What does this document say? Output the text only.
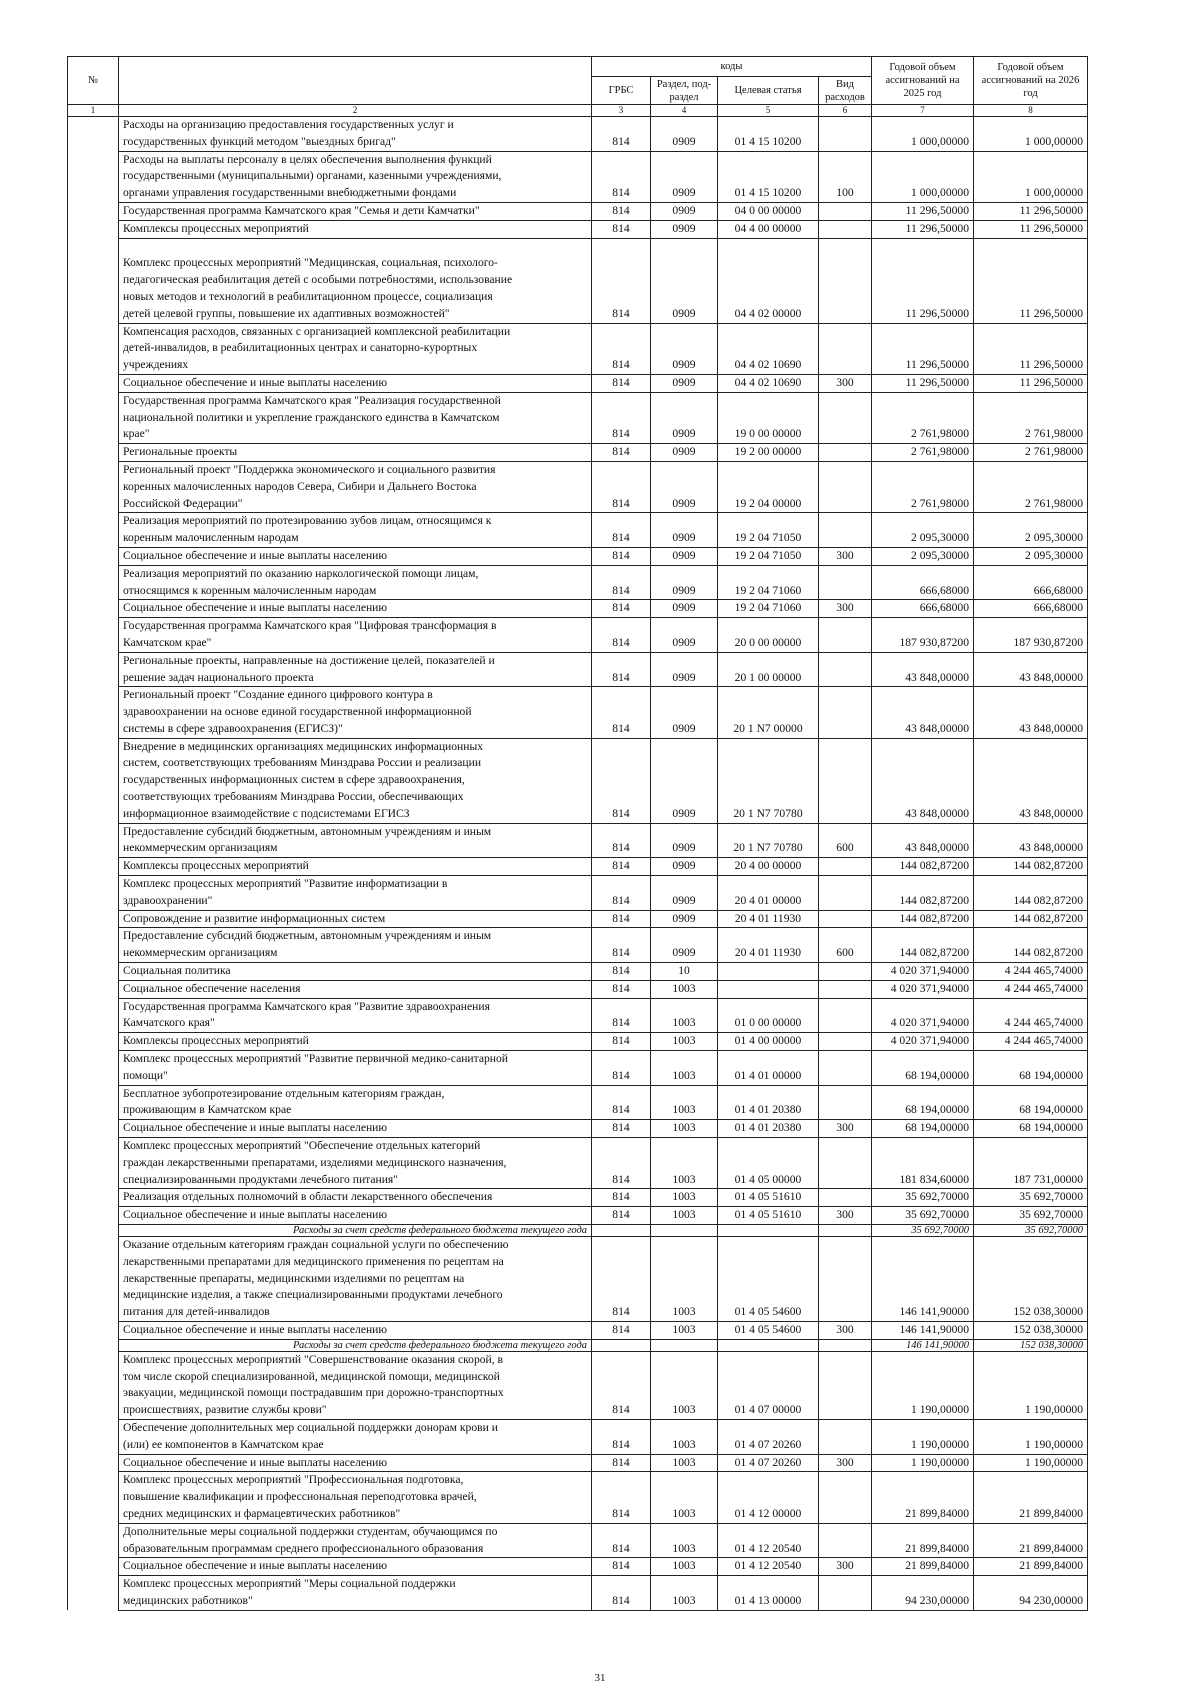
№		коды				Годовой объем ассигнований на 2025 год	Годовой объем ассигнований на 2026 год
		ГРБС	Раздел, под-раздел	Целевая статья	Вид расходов		
1	2	3	4	5	6	7	8
	Расходы на организацию предоставления государственных услуг и
государственных функций методом "выездных бригад"	814	0909	01 4 15 10200		1 000,00000	1 000,00000
	Расходы на выплаты персоналу в целях обеспечения выполнения функций
государственными (муниципальными) органами, казенными учреждениями,
органами управления государственными внебюджетными фондами	814	0909	01 4 15 10200	100	1 000,00000	1 000,00000
	Государственная программа Камчатского края "Семья и дети Камчатки"	814	0909	04 0 00 00000		11 296,50000	11 296,50000
	Комплексы процессных мероприятий	814	0909	04 4 00 00000		11 296,50000	11 296,50000

Комплекс процессных мероприятий "Медицинская, социальная, психолого-
педагогическая реабилитация детей с особыми потребностями, использование
новых методов и технологий в реабилитационном процессе, социализация
детей целевой группы, повышение их адаптивных возможностей"	814	0909	04 4 02 00000		11 296,50000	11 296,50000
	Компенсация расходов, связанных с организацией комплексной реабилитации
детей-инвалидов, в реабилитационных центрах и санаторно-курортных
учреждениях	814	0909	04 4 02 10690		11 296,50000	11 296,50000
	Социальное обеспечение и иные выплаты населению	814	0909	04 4 02 10690	300	11 296,50000	11 296,50000
	Государственная программа Камчатского края "Реализация государственной
национальной политики и укрепление гражданского единства в Камчатском
крае"	814	0909	19 0 00 00000		2 761,98000	2 761,98000
	Региональные проекты	814	0909	19 2 00 00000		2 761,98000	2 761,98000
	Региональный проект "Поддержка экономического и социального развития
коренных малочисленных народов Севера, Сибири и Дальнего Востока
Российской Федерации"	814	0909	19 2 04 00000		2 761,98000	2 761,98000
	Реализация мероприятий по протезированию зубов лицам, относящимся к
коренным малочисленным народам	814	0909	19 2 04 71050		2 095,30000	2 095,30000
	Социальное обеспечение и иные выплаты населению	814	0909	19 2 04 71050	300	2 095,30000	2 095,30000
	Реализация мероприятий по оказанию наркологической помощи лицам,
относящимся к коренным малочисленным народам	814	0909	19 2 04 71060		666,68000	666,68000
	Социальное обеспечение и иные выплаты населению	814	0909	19 2 04 71060	300	666,68000	666,68000
	Государственная программа Камчатского края "Цифровая трансформация в
Камчатском крае"	814	0909	20 0 00 00000		187 930,87200	187 930,87200
	Региональные проекты, направленные на достижение целей, показателей и
решение задач национального проекта	814	0909	20 1 00 00000		43 848,00000	43 848,00000
	Региональный проект "Создание единого цифрового контура в
здравоохранении на основе единой государственной информационной
системы в сфере здравоохранения (ЕГИСЗ)"	814	0909	20 1 N7 00000		43 848,00000	43 848,00000
	Внедрение в медицинских организациях медицинских информационных
систем, соответствующих требованиям Минздрава России и реализации
государственных информационных систем в сфере здравоохранения,
соответствующих требованиям Минздрава России, обеспечивающих
информационное взаимодействие с подсистемами ЕГИСЗ	814	0909	20 1 N7 70780		43 848,00000	43 848,00000
	Предоставление субсидий бюджетным, автономным учреждениям и иным
некоммерческим организациям	814	0909	20 1 N7 70780	600	43 848,00000	43 848,00000
	Комплексы процессных мероприятий	814	0909	20 4 00 00000		144 082,87200	144 082,87200
	Комплекс процессных мероприятий "Развитие информатизации в
здравоохранении"	814	0909	20 4 01 00000		144 082,87200	144 082,87200
	Сопровождение и развитие информационных систем	814	0909	20 4 01 11930		144 082,87200	144 082,87200
	Предоставление субсидий бюджетным, автономным учреждениям и иным
некоммерческим организациям	814	0909	20 4 01 11930	600	144 082,87200	144 082,87200
	Социальная политика	814	10			4 020 371,94000	4 244 465,74000
	Социальное обеспечение населения	814	1003			4 020 371,94000	4 244 465,74000
	Государственная программа Камчатского края "Развитие здравоохранения
Камчатского края"	814	1003	01 0 00 00000		4 020 371,94000	4 244 465,74000
	Комплексы процессных мероприятий	814	1003	01 4 00 00000		4 020 371,94000	4 244 465,74000
	Комплекс процессных мероприятий "Развитие первичной медико-санитарной
помощи"	814	1003	01 4 01 00000		68 194,00000	68 194,00000
	Бесплатное зубопротезирование отдельным категориям граждан,
проживающим в Камчатском крае	814	1003	01 4 01 20380		68 194,00000	68 194,00000
	Социальное обеспечение и иные выплаты населению	814	1003	01 4 01 20380	300	68 194,00000	68 194,00000
	Комплекс процессных мероприятий "Обеспечение отдельных категорий
граждан лекарственными препаратами, изделиями медицинского назначения,
специализированными продуктами лечебного питания"	814	1003	01 4 05 00000		181 834,60000	187 731,00000
	Реализация отдельных полномочий в области лекарственного обеспечения	814	1003	01 4 05 51610		35 692,70000	35 692,70000
	Социальное обеспечение и иные выплаты населению	814	1003	01 4 05 51610	300	35 692,70000	35 692,70000
	Расходы за счет средств федерального бюджета текущего года					35 692,70000	35 692,70000
	Оказание отдельным категориям граждан социальной услуги по обеспечению
лекарственными препаратами для медицинского применения по рецептам на
лекарственные препараты, медицинскими изделиями по рецептам на
медицинские изделия, а также специализированными продуктами лечебного
питания для детей-инвалидов	814	1003	01 4 05 54600		146 141,90000	152 038,30000
	Социальное обеспечение и иные выплаты населению	814	1003	01 4 05 54600	300	146 141,90000	152 038,30000
	Расходы за счет средств федерального бюджета текущего года					146 141,90000	152 038,30000
	Комплекс процессных мероприятий "Совершенствование оказания скорой, в
том числе скорой специализированной, медицинской помощи, медицинской
эвакуации, медицинской помощи пострадавшим при дорожно-транспортных
происшествиях, развитие службы крови"	814	1003	01 4 07 00000		1 190,00000	1 190,00000
	Обеспечение дополнительных мер социальной поддержки донорам крови и
(или) ее компонентов в Камчатском крае	814	1003	01 4 07 20260		1 190,00000	1 190,00000
	Социальное обеспечение и иные выплаты населению	814	1003	01 4 07 20260	300	1 190,00000	1 190,00000
	Комплекс процессных мероприятий "Профессиональная подготовка,
повышение квалификации и профессиональная переподготовка врачей,
средних медицинских и фармацевтических работников"	814	1003	01 4 12 00000		21 899,84000	21 899,84000
	Дополнительные меры социальной поддержки студентам, обучающимся по
образовательным программам среднего профессионального образования	814	1003	01 4 12 20540		21 899,84000	21 899,84000
	Социальное обеспечение и иные выплаты населению	814	1003	01 4 12 20540	300	21 899,84000	21 899,84000
	Комплекс процессных мероприятий "Меры социальной поддержки
медицинских работников"	814	1003	01 4 13 00000		94 230,00000	94 230,00000
31
